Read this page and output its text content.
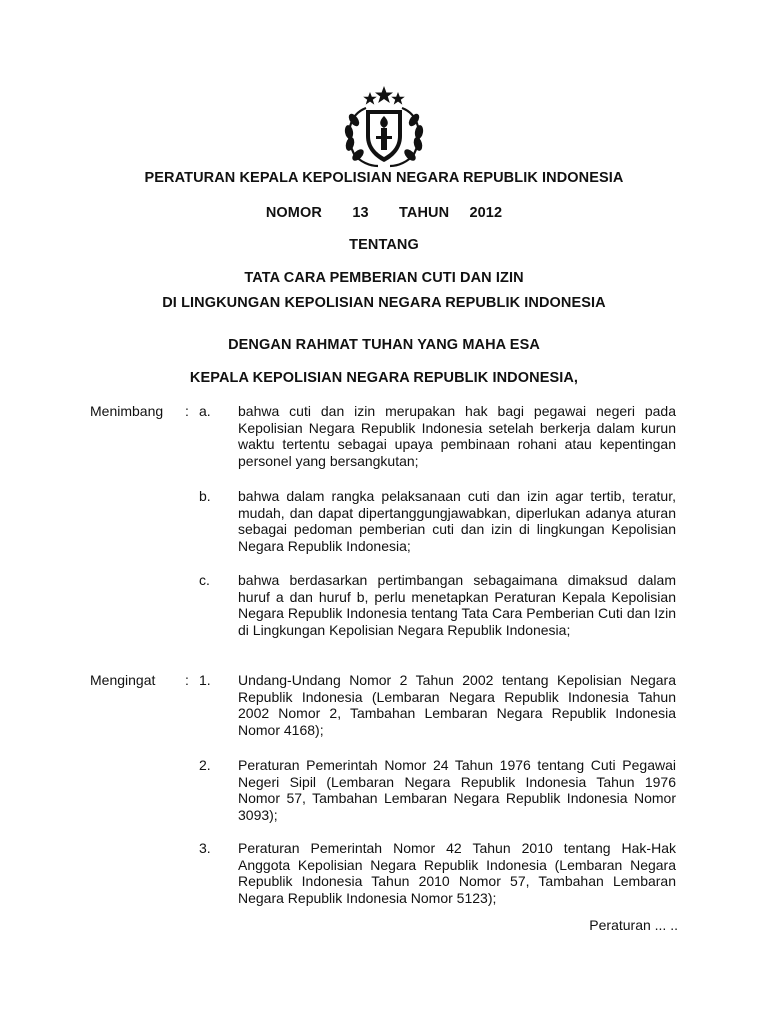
PERATURAN KEPALA KEPOLISIAN NEGARA REPUBLIK INDONESIA
NOMOR   13   TAHUN  2012
TENTANG
TATA CARA PEMBERIAN CUTI DAN IZIN
DI LINGKUNGAN KEPOLISIAN NEGARA REPUBLIK INDONESIA
DENGAN RAHMAT TUHAN YANG MAHA ESA
KEPALA KEPOLISIAN NEGARA REPUBLIK INDONESIA,
Menimbang : a. bahwa cuti dan izin merupakan hak bagi pegawai negeri pada Kepolisian Negara Republik Indonesia setelah berkerja dalam kurun waktu tertentu sebagai upaya pembinaan rohani atau kepentingan personel yang bersangkutan;
b. bahwa dalam rangka pelaksanaan cuti dan izin agar tertib, teratur, mudah, dan dapat dipertanggungjawabkan, diperlukan adanya aturan sebagai pedoman pemberian cuti dan izin di lingkungan Kepolisian Negara Republik Indonesia;
c. bahwa berdasarkan pertimbangan sebagaimana dimaksud dalam huruf a dan huruf b, perlu menetapkan Peraturan Kepala Kepolisian Negara Republik Indonesia tentang Tata Cara Pemberian Cuti dan Izin di Lingkungan Kepolisian Negara Republik Indonesia;
Mengingat : 1. Undang-Undang Nomor 2 Tahun 2002 tentang Kepolisian Negara Republik Indonesia (Lembaran Negara Republik Indonesia Tahun 2002 Nomor 2, Tambahan Lembaran Negara Republik Indonesia Nomor 4168);
2. Peraturan Pemerintah Nomor 24 Tahun 1976 tentang Cuti Pegawai Negeri Sipil (Lembaran Negara Republik Indonesia Tahun 1976 Nomor 57, Tambahan Lembaran Negara Republik Indonesia Nomor 3093);
3. Peraturan Pemerintah Nomor 42 Tahun 2010 tentang Hak-Hak Anggota Kepolisian Negara Republik Indonesia (Lembaran Negara Republik Indonesia Tahun 2010 Nomor 57, Tambahan Lembaran Negara Republik Indonesia Nomor 5123);
Peraturan ... ..
